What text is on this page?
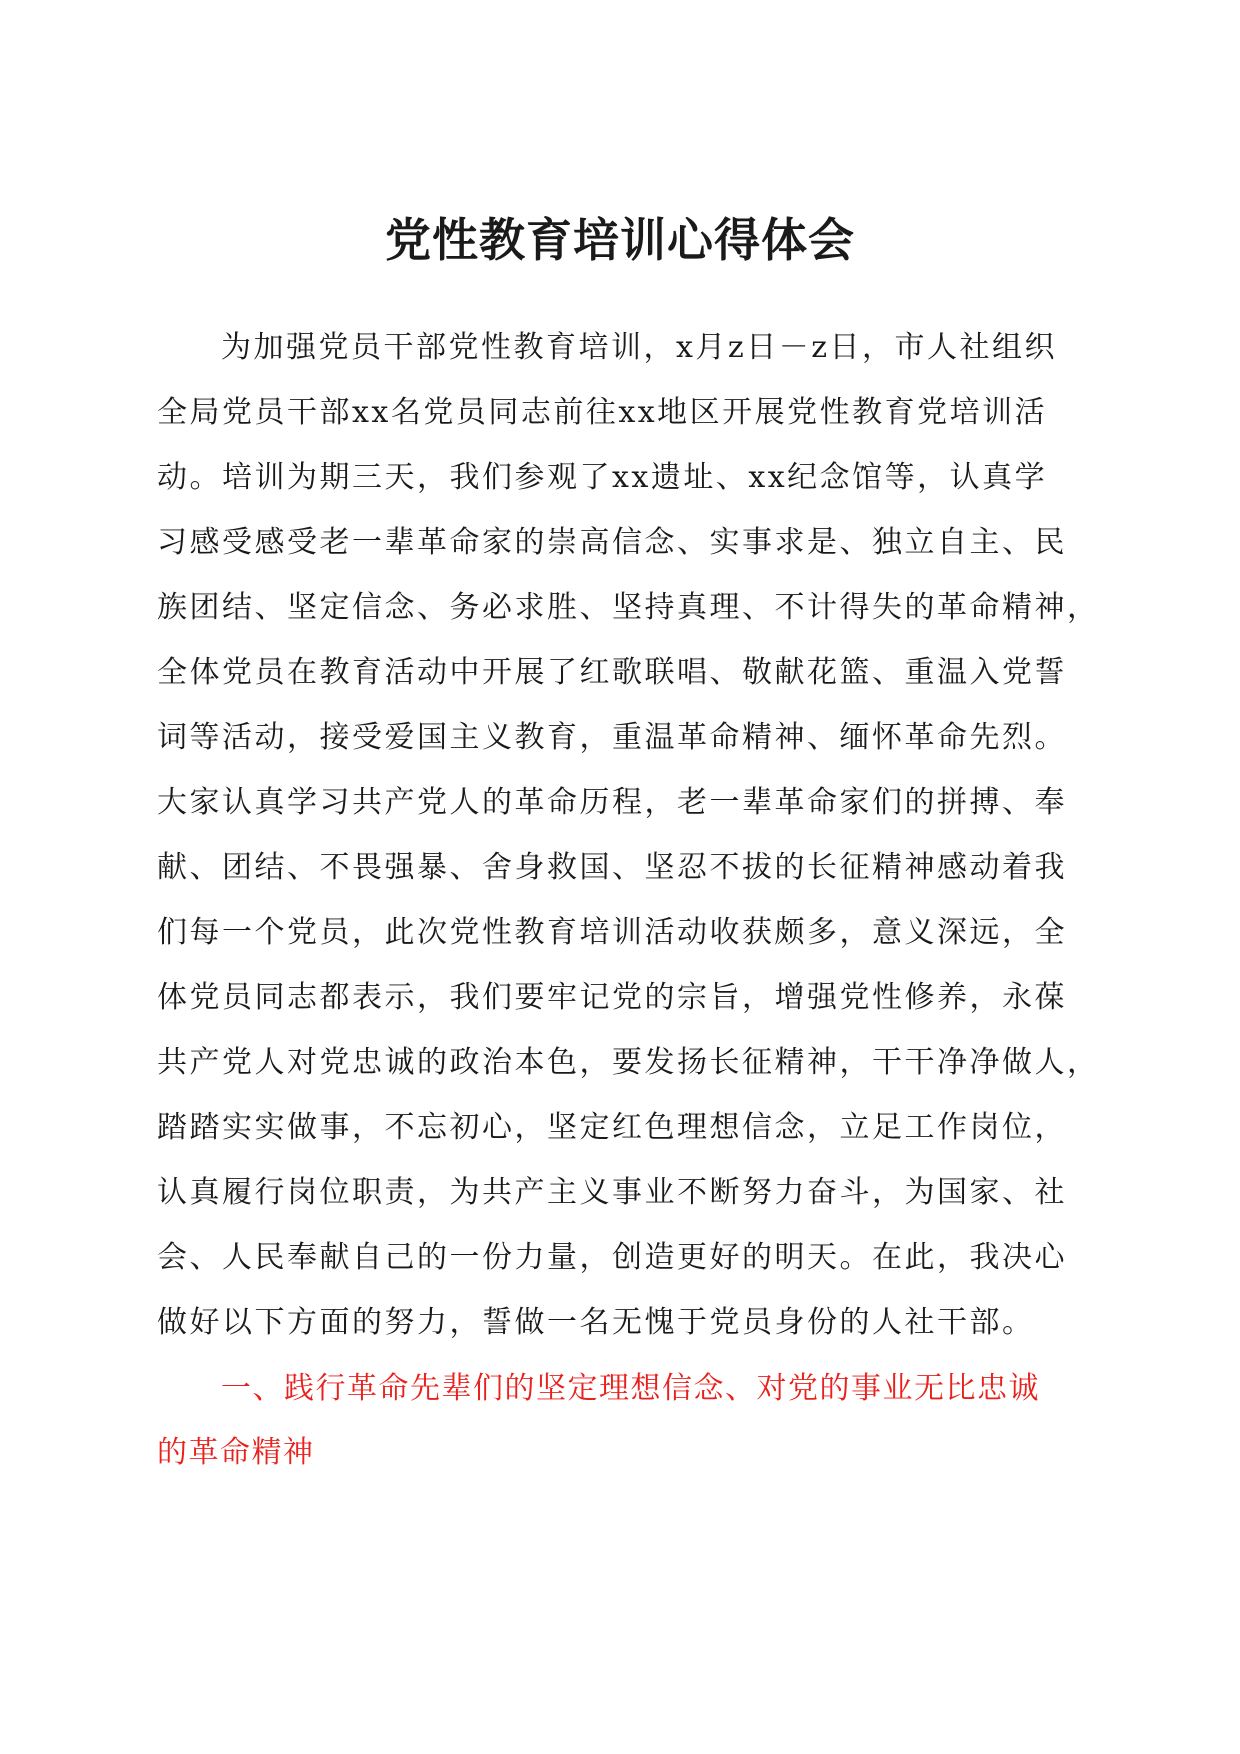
党性教育培训心得体会
为加强党员干部党性教育培训，x月z日－z日，市人社组织
全局党员干部xx名党员同志前往xx地区开展党性教育党培训活
动。培训为期三天，我们参观了xx遗址、xx纪念馆等，认真学
习感受感受老一辈革命家的崇高信念、实事求是、独立自主、民
族团结、坚定信念、务必求胜、坚持真理、不计得失的革命精神，
全体党员在教育活动中开展了红歌联唱、敬献花篮、重温入党誓
词等活动，接受爱国主义教育，重温革命精神、缅怀革命先烈。
大家认真学习共产党人的革命历程，老一辈革命家们的拼搏、奉
献、团结、不畏强暴、舍身救国、坚忍不拔的长征精神感动着我
们每一个党员，此次党性教育培训活动收获颇多，意义深远，全
体党员同志都表示，我们要牢记党的宗旨，增强党性修养，永葆
共产党人对党忠诚的政治本色，要发扬长征精神，干干净净做人，
踏踏实实做事，不忘初心，坚定红色理想信念，立足工作岗位，
认真履行岗位职责，为共产主义事业不断努力奋斗，为国家、社
会、人民奉献自己的一份力量，创造更好的明天。在此，我决心
做好以下方面的努力，誓做一名无愧于党员身份的人社干部。
一、践行革命先辈们的坚定理想信念、对党的事业无比忠诚
的革命精神
